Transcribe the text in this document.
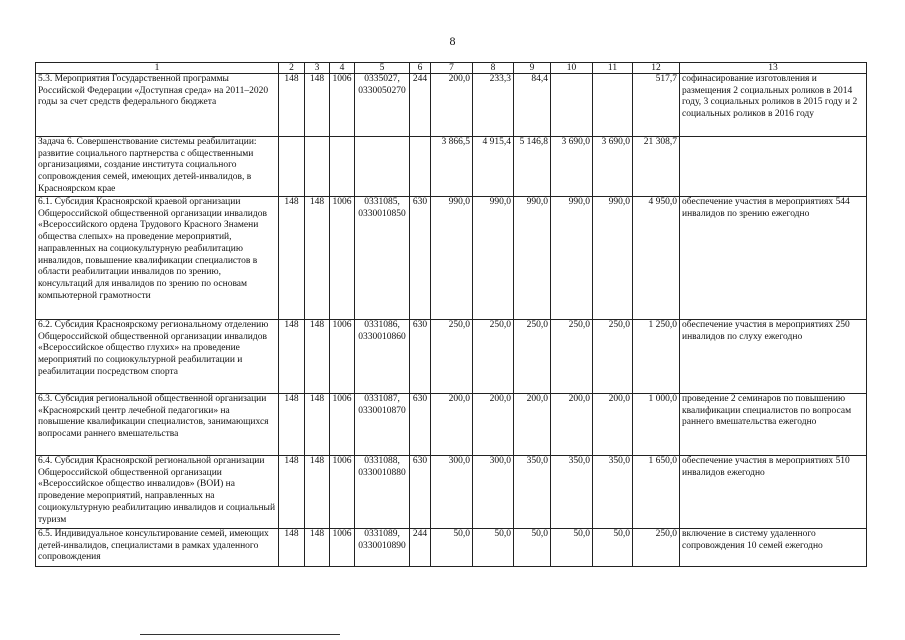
8
1	2	3	4	5	6	7	8	9	10	11	12	13
5.3. Мероприятия Государственной программы Российской Федерации «Доступная среда» на 2011–2020 годы за счет средств федерального бюджета	148	148	1006	0335027, 0330050270	244	200,0	233,3	84,4			517,7	софинасирование изготовления и размещения 2 социальных роликов в 2014 году, 3 социальных роликов в 2015 году и 2 социальных роликов в 2016 году
Задача 6. Совершенствование системы реабилитации: развитие социального партнерства с общественными организациями, создание института социального сопровождения семей, имеющих детей-инвалидов, в Красноярском крае						3 866,5	4 915,4	5 146,8	3 690,0	3 690,0	21 308,7	
6.1. Субсидия Красноярской краевой организации Общероссийской общественной организации инвалидов «Всероссийского ордена Трудового Красного Знамени общества слепых» на проведение мероприятий, направленных на социокультурную реабилитацию инвалидов, повышение квалификации специалистов в области реабилитации инвалидов по зрению, консультаций для инвалидов по зрению по основам компьютерной грамотности	148	148	1006	0331085, 0330010850	630	990,0	990,0	990,0	990,0	990,0	4 950,0	обеспечение участия в мероприятиях 544 инвалидов по зрению ежегодно
6.2. Субсидия Красноярскому региональному отделению Общероссийской общественной организации инвалидов «Всероссийское общество глухих» на проведение мероприятий по социокультурной реабилитации и реабилитации посредством спорта	148	148	1006	0331086, 0330010860	630	250,0	250,0	250,0	250,0	250,0	1 250,0	обеспечение участия в мероприятиях 250 инвалидов по слуху ежегодно
6.3. Субсидия региональной общественной организации «Красноярский центр лечебной педагогики» на повышение квалификации специалистов, занимающихся вопросами раннего вмешательства	148	148	1006	0331087, 0330010870	630	200,0	200,0	200,0	200,0	200,0	1 000,0	проведение 2 семинаров по повышению квалификации специалистов по вопросам раннего вмешательства ежегодно
6.4. Субсидия Красноярской региональной организации Общероссийской общественной организации «Всероссийское общество инвалидов» (ВОИ) на проведение мероприятий, направленных на социокультурную реабилитацию инвалидов и социальный туризм	148	148	1006	0331088, 0330010880	630	300,0	300,0	350,0	350,0	350,0	1 650,0	обеспечение участия в мероприятиях 510 инвалидов ежегодно
6.5. Индивидуальное консультирование семей, имеющих детей-инвалидов, специалистами в рамках удаленного сопровождения	148	148	1006	0331089, 0330010890	244	50,0	50,0	50,0	50,0	50,0	250,0	включение в систему удаленного сопровождения 10 семей ежегодно
